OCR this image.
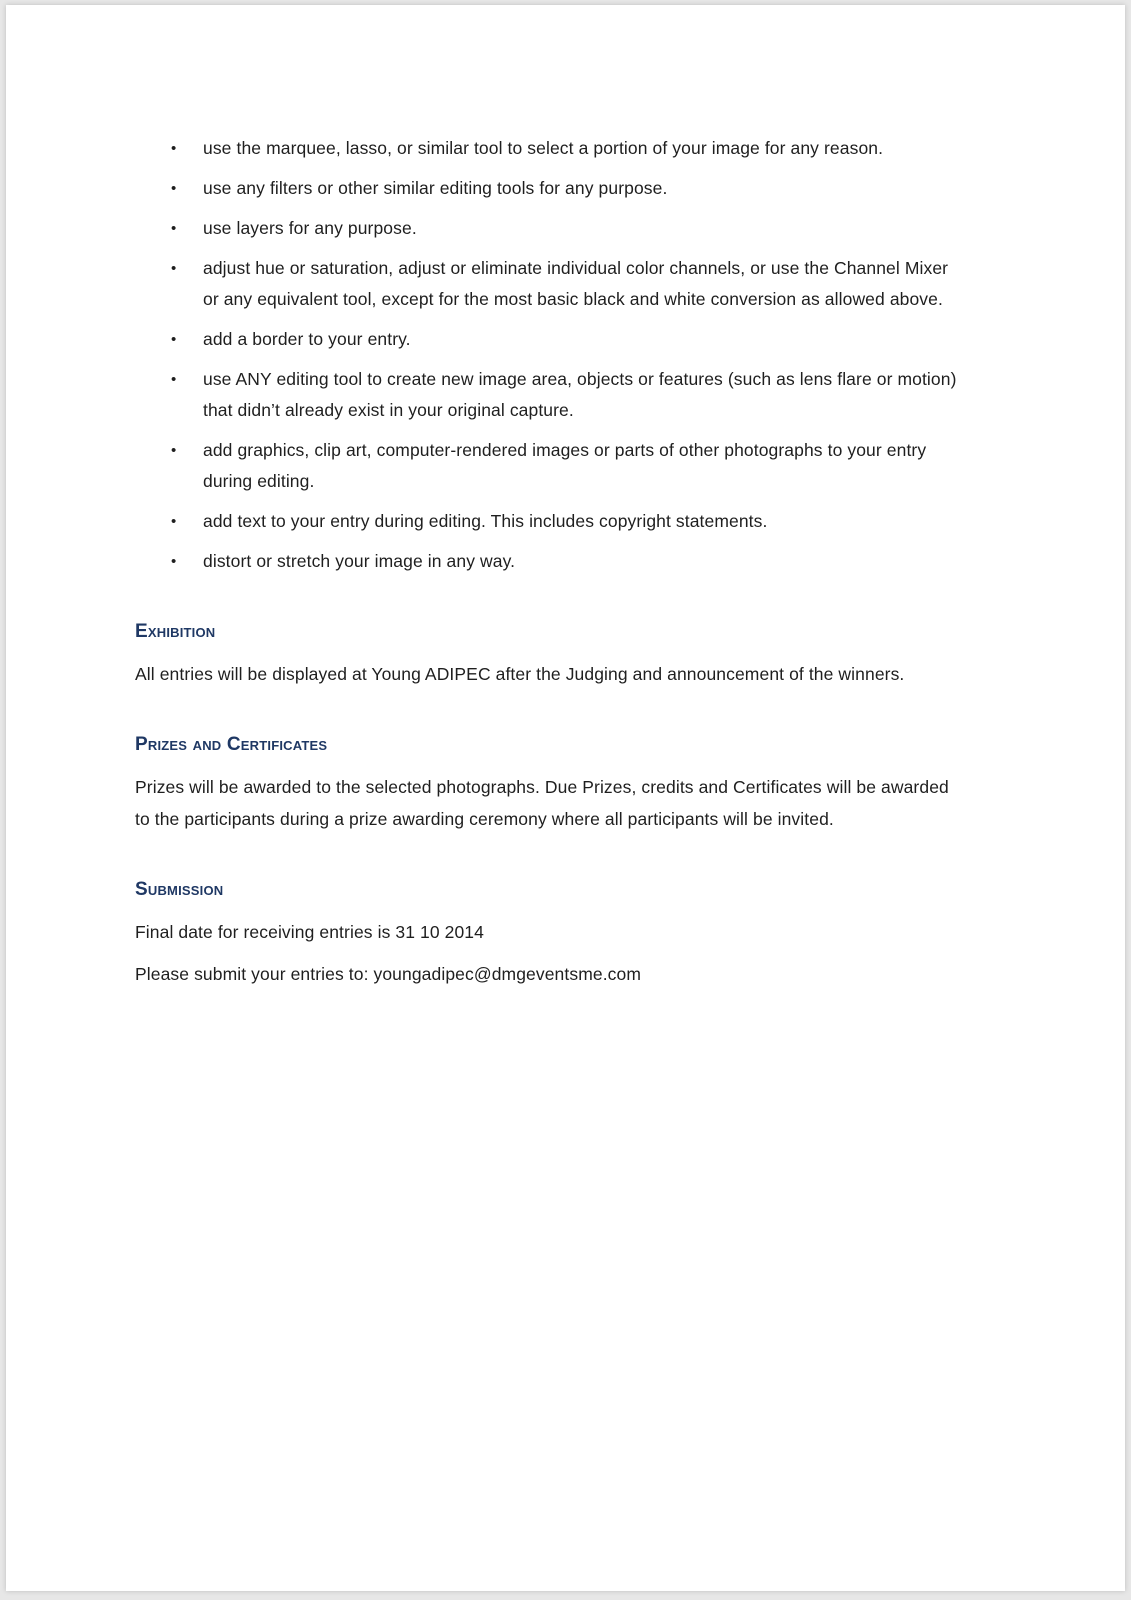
•	use the marquee, lasso, or similar tool to select a portion of your image for any reason.
•	use any filters or other similar editing tools for any purpose.
•	use layers for any purpose.
•	adjust hue or saturation, adjust or eliminate individual color channels, or use the Channel Mixer or any equivalent tool, except for the most basic black and white conversion as allowed above.
•	add a border to your entry.
•	use ANY editing tool to create new image area, objects or features (such as lens flare or motion) that didn’t already exist in your original capture.
•	add graphics, clip art, computer-rendered images or parts of other photographs to your entry during editing.
•	add text to your entry during editing. This includes copyright statements.
•	distort or stretch your image in any way.
Exhibition

All entries will be displayed at Young ADIPEC after the Judging and announcement of the winners.

Prizes and Certificates

Prizes will be awarded to the selected photographs. Due Prizes, credits and Certificates will be awarded to the participants during a prize awarding ceremony where all participants will be invited.

Submission

Final date for receiving entries is 31 10 2014

Please submit your entries to: youngadipec@dmgeventsme.com
